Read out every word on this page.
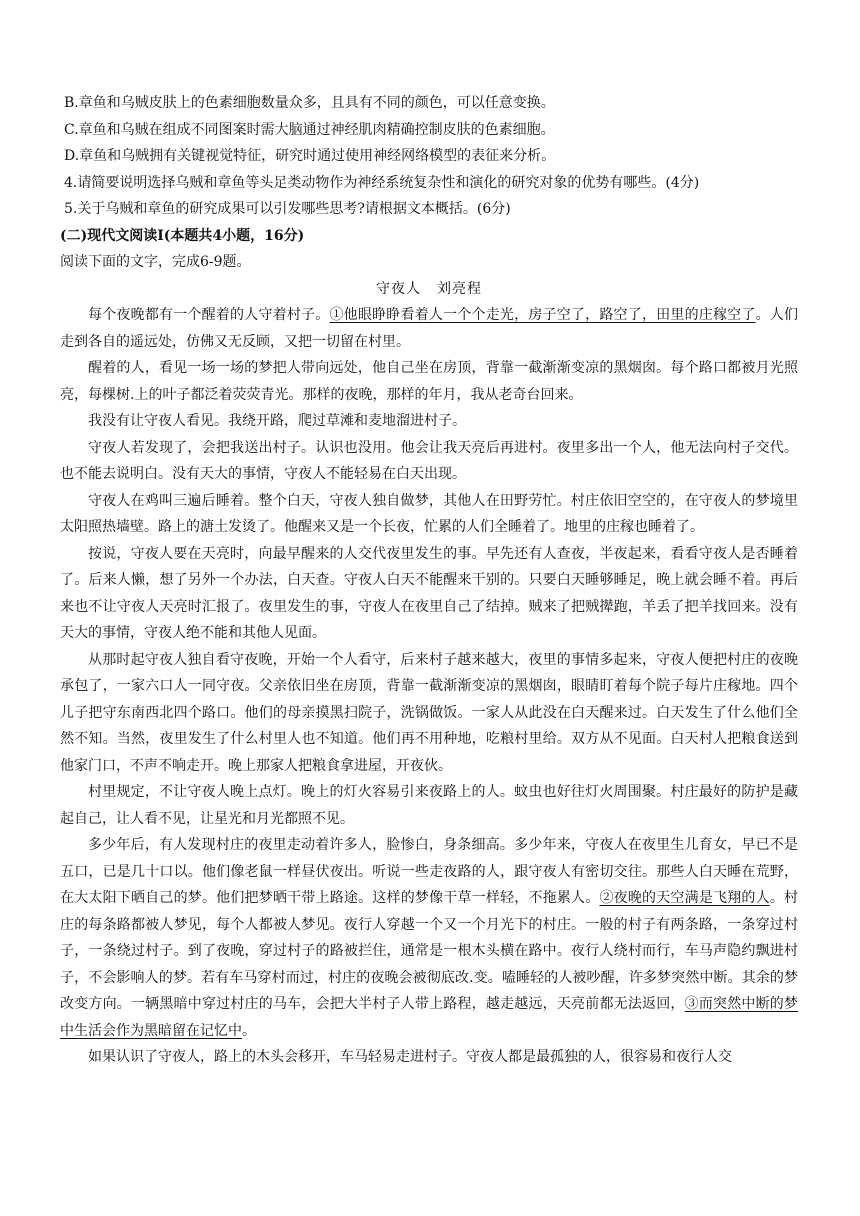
B.章鱼和乌贼皮肤上的色素细胞数量众多，且具有不同的颜色，可以任意变换。
C.章鱼和乌贼在组成不同图案时需大脑通过神经肌肉精确控制皮肤的色素细胞。
D.章鱼和乌贼拥有关键视觉特征，研究时通过使用神经网络模型的表征来分析。
4.请简要说明选择乌贼和章鱼等头足类动物作为神经系统复杂性和演化的研究对象的优势有哪些。(4分)
5.关于乌贼和章鱼的研究成果可以引发哪些思考?请根据文本概括。(6分)
(二)现代文阅读Ⅰ(本题共4小题，16分)
阅读下面的文字，完成6-9题。
守夜人 刘亮程

每个夜晚都有一个醒着的人守着村子。①他眼睁睁看着人一个个走光，房子空了，路空了，田里的庄稼空了。人们走到各自的遥远处，仿佛又无反顾，又把一切留在村里。

醒着的人，看见一场一场的梦把人带向远处，他自己坐在房顶，背靠一截渐渐变凉的黑烟囱。每个路口都被月光照亮，每棵树.上的叶子都泛着荧荧青光。那样的夜晚，那样的年月，我从老奇台回来。

我没有让守夜人看见。我绕开路，爬过草滩和麦地溜进村子。

守夜人若发现了，会把我送出村子。认识也没用。他会让我天亮后再进村。夜里多出一个人，他无法向村子交代。也不能去说明白。没有天大的事情，守夜人不能轻易在白天出现。

守夜人在鸡叫三遍后睡着。整个白天，守夜人独自做梦，其他人在田野劳忙。村庄依旧空空的，在守夜人的梦境里太阳照热墙壁。路上的溏土发烫了。他醒来又是一个长夜，忙累的人们全睡着了。地里的庄稼也睡着了。

按说，守夜人要在天亮时，向最早醒来的人交代夜里发生的事。早先还有人查夜，半夜起来，看看守夜人是否睡着了。后来人懒，想了另外一个办法，白天查。守夜人白天不能醒来干别的。只要白天睡够睡足，晚上就会睡不着。再后来也不让守夜人天亮时汇报了。夜里发生的事，守夜人在夜里自己了结掉。贼来了把贼撵跑，羊丢了把羊找回来。没有天大的事情，守夜人绝不能和其他人见面。

从那时起守夜人独自看守夜晚，开始一个人看守，后来村子越来越大，夜里的事情多起来，守夜人便把村庄的夜晚承包了，一家六口人一同守夜。父亲依旧坐在房顶，背靠一截渐渐变凉的黑烟囱，眼睛盯着每个院子每片庄稼地。四个儿子把守东南西北四个路口。他们的母亲摸黑扫院子，洗锅做饭。一家人从此没在白天醒来过。白天发生了什么他们全然不知。当然，夜里发生了什么村里人也不知道。他们再不用种地，吃粮村里给。双方从不见面。白天村人把粮食送到他家门口，不声不响走开。晚上那家人把粮食拿进屋，开夜伙。

村里规定，不让守夜人晚上点灯。晚上的灯火容易引来夜路上的人。蚊虫也好往灯火周围聚。村庄最好的防护是藏起自己，让人看不见，让星光和月光都照不见。

多少年后，有人发现村庄的夜里走动着许多人，脸惨白，身条细高。多少年来，守夜人在夜里生儿育女，早已不是五口，已是几十口以。他们像老鼠一样昼伏夜出。听说一些走夜路的人，跟守夜人有密切交往。那些人白天睡在荒野，在大太阳下晒自己的梦。他们把梦晒干带上路途。这样的梦像干草一样轻，不拖累人。②夜晚的天空满是飞翔的人。村庄的每条路都被人梦见，每个人都被人梦见。夜行人穿越一个又一个月光下的村庄。一般的村子有两条路，一条穿过村子，一条绕过村子。到了夜晚，穿过村子的路被拦住，通常是一根木头横在路中。夜行人绕村而行，车马声隐约飘进村子，不会影响人的梦。若有车马穿村而过，村庄的夜晚会被彻底改.变。嗑睡轻的人被吵醒，许多梦突然中断。其余的梦改变方向。一辆黑暗中穿过村庄的马车，会把大半村子人带上路程，越走越远，天亮前都无法返回，③而突然中断的梦中生活会作为黑暗留在记忆中。

如果认识了守夜人，路上的木头会移开，车马轻易走进村子。守夜人都是最孤独的人，很容易和夜行人交
